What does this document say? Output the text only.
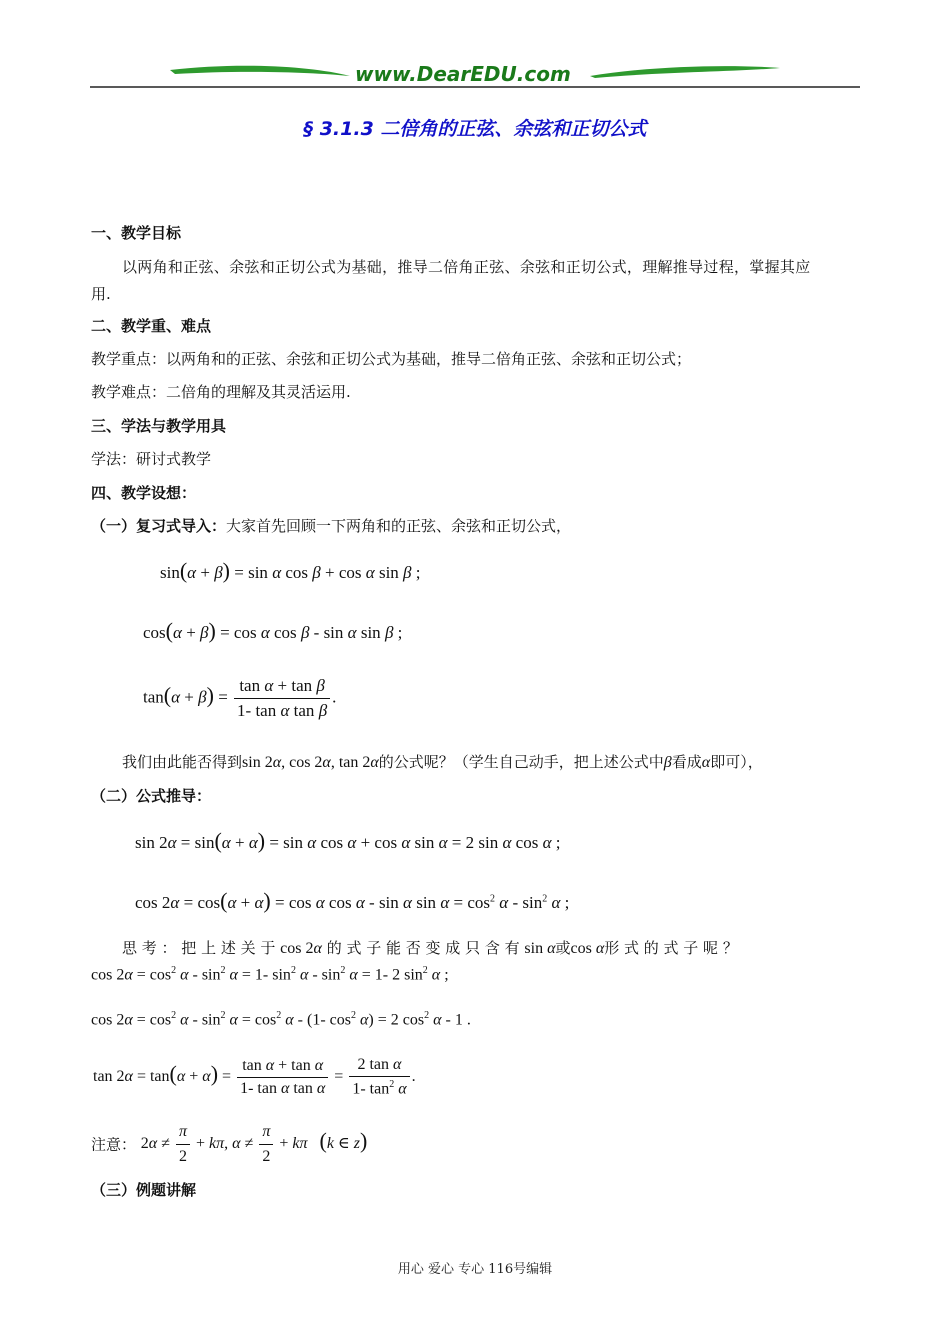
www.DearEDU.com
§ 3.1.3 二倍角的正弦、余弦和正切公式
一、教学目标
以两角和正弦、余弦和正切公式为基础，推导二倍角正弦、余弦和正切公式，理解推导过程，掌握其应
用.
二、教学重、难点
教学重点：以两角和的正弦、余弦和正切公式为基础，推导二倍角正弦、余弦和正切公式；
教学难点：二倍角的理解及其灵活运用.
三、学法与教学用具
学法：研讨式教学
四、教学设想：
（一）复习式导入：大家首先回顾一下两角和的正弦、余弦和正切公式，
sin(α + β) = sin α cos β + cos α sin β ;
cos(α + β) = cos α cos β - sin α sin β ;
$\tan(\alpha + \beta) = \frac{\text{tan α + tan β}}{\text{1- tan α tan β}}$ .
我们由此能否得到sin 2α, cos 2α, tan 2α的公式呢？（学生自己动手，把上述公式中β看成α即可），
（二）公式推导：
sin 2α = sin(α + α) = sin α cos α + cos α sin α = 2 sin α cos α ;
cos 2α = cos(α + α) = cos α cos α - sin α $\sin \alpha = \cos^2 \alpha - \sin^2 \alpha$ ;
思 考 ： 把 上 述 关 于 cos 2α 的 式 子 能 否 变 成 只 含 有 sin α或cos α形 式 的 式 子 呢 ？
$\cos 2\alpha = \cos^2 \alpha - \sin^2 \alpha = 1-$ $\sin^2 \alpha - \sin^2 \alpha = 1-$ 2 $\sin^2 \alpha$ ;
$\cos 2\alpha = \cos^2 \alpha - \sin^2 \alpha = \cos^2 \alpha - (1-$ $\cos^2 \alpha) = 2$ $\cos^2 \alpha - 1$ .
$\tan 2\alpha = \tan(\alpha + \alpha) = \frac{\text{tan α + tan α}}{\text{1- tan α tan α}} = \frac{\text{2 tan α}}{1- \tan^2 \alpha}$ .
注意： $2\alpha \ne \frac{\pi}{2} + k\pi$, $\alpha \ne \frac{\pi}{2} + k\pi$ (k ∈ z)
（三）例题讲解
用心 爱心 专心 116号编辑
